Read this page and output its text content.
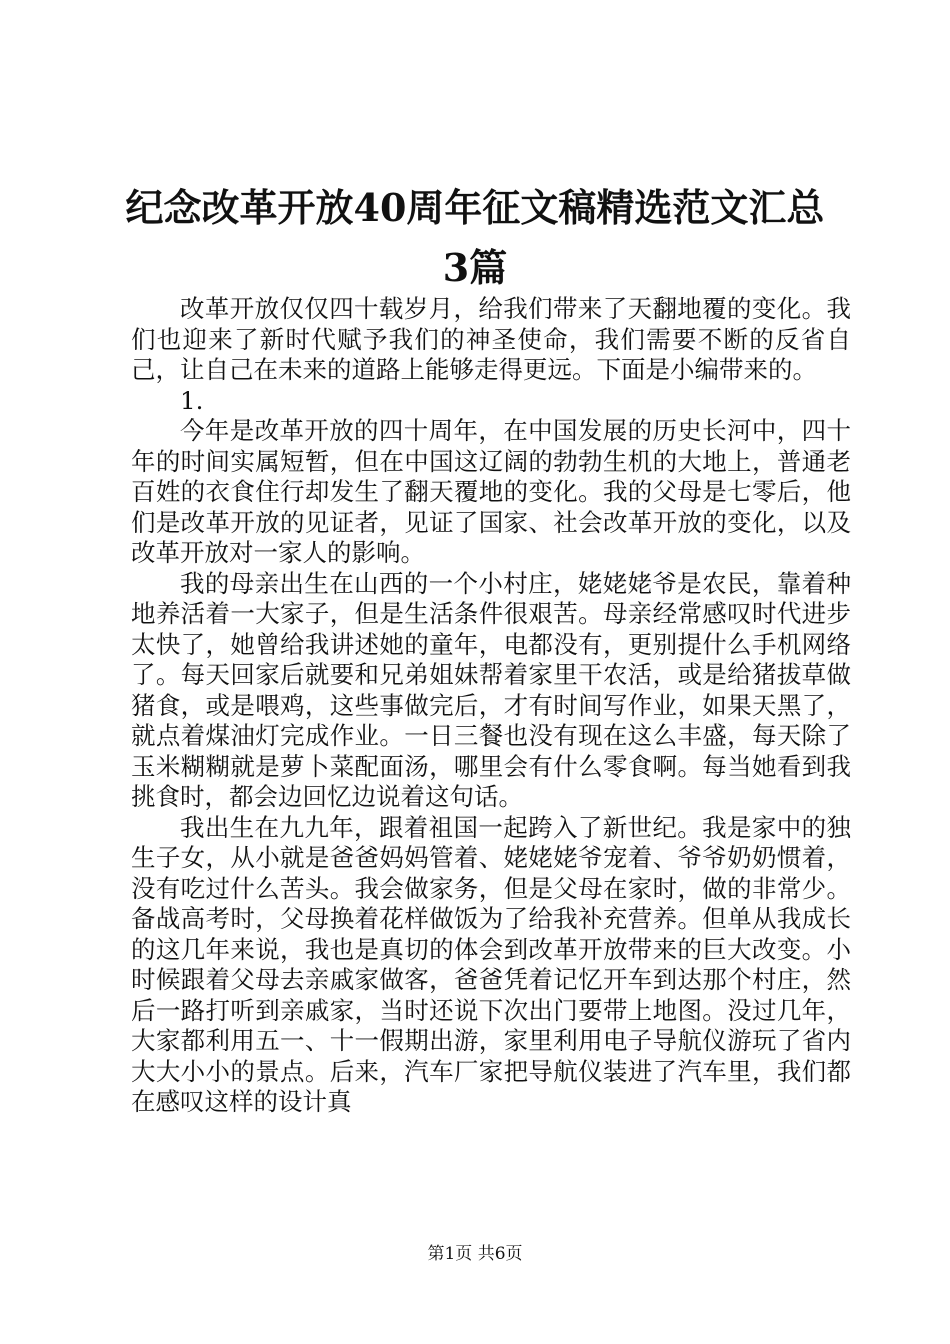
纪念改革开放40周年征文稿精选范文汇总3篇

改革开放仅仅四十载岁月，给我们带来了天翻地覆的变化。我们也迎来了新时代赋予我们的神圣使命，我们需要不断的反省自己，让自己在未来的道路上能够走得更远。下面是小编带来的。

1.

今年是改革开放的四十周年，在中国发展的历史长河中，四十年的时间实属短暂，但在中国这辽阔的勃勃生机的大地上，普通老百姓的衣食住行却发生了翻天覆地的变化。我的父母是七零后，他们是改革开放的见证者，见证了国家、社会改革开放的变化，以及改革开放对一家人的影响。

我的母亲出生在山西的一个小村庄，姥姥姥爷是农民，靠着种地养活着一大家子，但是生活条件很艰苦。母亲经常感叹时代进步太快了，她曾给我讲述她的童年，电都没有，更别提什么手机网络了。每天回家后就要和兄弟姐妹帮着家里干农活，或是给猪拔草做猪食，或是喂鸡，这些事做完后，才有时间写作业，如果天黑了，就点着煤油灯完成作业。一日三餐也没有现在这么丰盛，每天除了玉米糊糊就是萝卜菜配面汤，哪里会有什么零食啊。每当她看到我挑食时，都会边回忆边说着这句话。

我出生在九九年，跟着祖国一起跨入了新世纪。我是家中的独生子女，从小就是爸爸妈妈管着、姥姥姥爷宠着、爷爷奶奶惯着，没有吃过什么苦头。我会做家务，但是父母在家时，做的非常少。备战高考时，父母换着花样做饭为了给我补充营养。但单从我成长的这几年来说，我也是真切的体会到改革开放带来的巨大改变。小时候跟着父母去亲戚家做客，爸爸凭着记忆开车到达那个村庄，然后一路打听到亲戚家，当时还说下次出门要带上地图。没过几年，大家都利用五一、十一假期出游，家里利用电子导航仪游玩了省内大大小小的景点。后来，汽车厂家把导航仪装进了汽车里，我们都在感叹这样的设计真

第1页 共6页
